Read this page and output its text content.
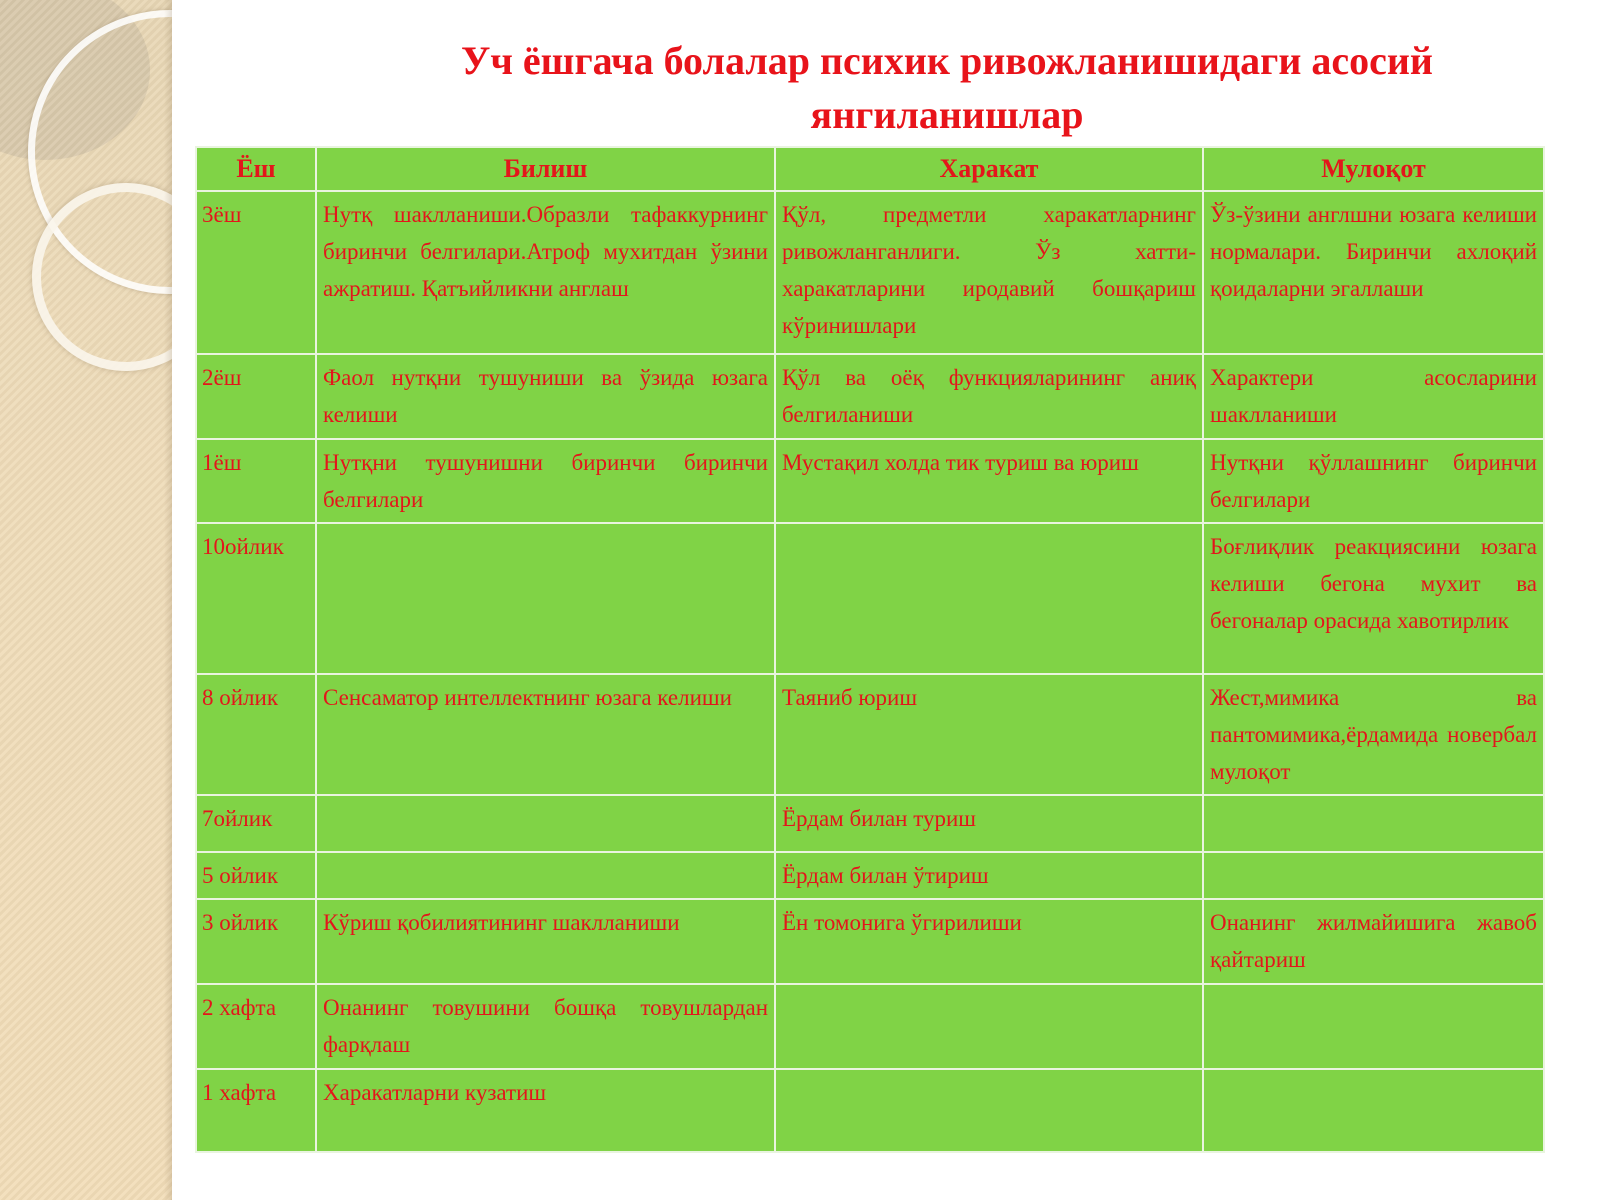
Уч ёшгача болалар психик ривожланишидаги асосий янгиланишлар
Ёш	Билиш	Харакат	Мулоқот
3ёш	Нутқ шаклланиши.Образли тафаккурнинг биринчи белгилари.Атроф мухитдан ўзини ажратиш. Қатъийликни англаш	Қўл, предметли харакатларнинг ривожланганлиги. Ўз хатти-харакатларини иродавий бошқариш кўринишлари	Ўз-ўзини англшни юзага келиши нормалари. Биринчи ахлоқий қоидаларни эгаллаши
2ёш	Фаол нутқни тушуниши ва ўзида юзага келиши	Қўл ва оёқ функцияларининг аниқ белгиланиши	Характери асосларини шаклланиши
1ёш	Нутқни тушунишни биринчи биринчи белгилари	Мустақил холда тик туриш ва юриш	Нутқни қўллашнинг биринчи белгилари
10ойлик			Боғлиқлик реакциясини юзага келиши бегона мухит ва бегоналар орасида хавотирлик
8 ойлик	Сенсаматор интеллектнинг юзага келиши	Таяниб юриш	Жест,мимика ва пантомимика,ёрдамида новербал мулоқот
7ойлик		Ёрдам билан туриш	
5 ойлик		Ёрдам билан ўтириш	
3 ойлик	Кўриш қобилиятининг шаклланиши	Ён томонига ўгирилиши	Онанинг жилмайишига жавоб қайтариш
2 хафта	Онанинг товушини бошқа товушлардан фарқлаш		
1 хафта	Харакатларни кузатиш		
